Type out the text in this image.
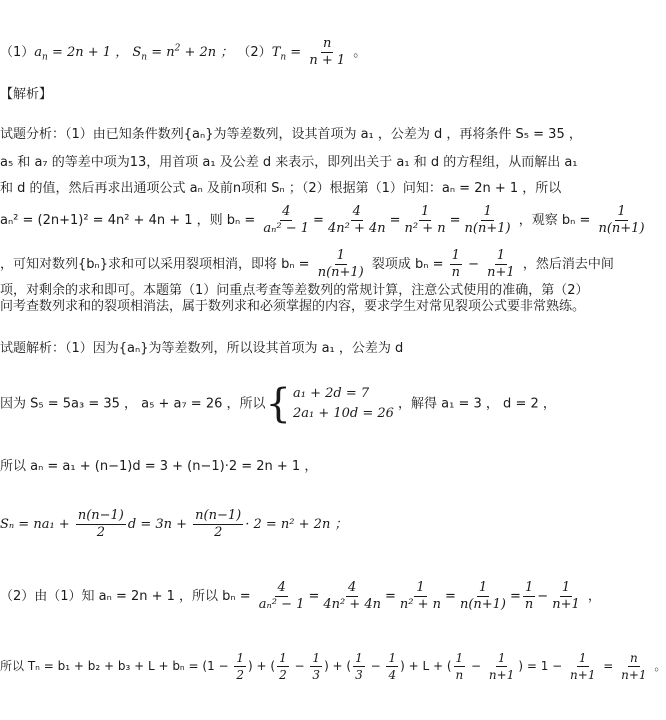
$(1)a_n = 2n + 1$ ， $S_n = n^2 + 2n$ ； $(2)T_n = \frac{n}{n + 1}$ 。
【解析】
试题分析：（1）由已知条件数列{aₙ}为等差数列，设其首项为 a₁ ，公差为 d ，再将条件 S₅ = 35 ，
a₅ 和 a₇ 的等差中项为13，用首项 a₁ 及公差 d 来表示，即列出关于 a₁ 和 d 的方程组，从而解出 a₁
和 d 的值，然后再求出通项公式 aₙ 及前n项和 Sₙ ；（2）根据第（1）问知：aₙ = 2n + 1 ，所以
aₙ² = (2n+1)² = 4n² + 4n + 1 ，则 $b_n = \frac{4}{\text{aₙ² − 1}} = \frac{4}{\text{4n² + 4n}} = \frac{1}{\text{n² + n}} = \frac{1}{n(n+1)}$ ，观察 $b_n = \frac{1}{n(n+1)}$
，可知对数列{bₙ}求和可以采用裂项相消，即将 $b_n = \frac{1}{n(n+1)}$ 裂项成 $b_n = \frac{1}{n} - \frac{1}{n+1}$ ，然后消去中间
项，对剩余的求和即可。本题第（1）问重点考查等差数列的常规计算，注意公式使用的准确，第（2）
问考查数列求和的裂项相消法，属于数列求和必须掌握的内容，要求学生对常见裂项公式要非常熟练。
试题解析：（1）因为{aₙ}为等差数列，所以设其首项为 a₁ ，公差为 d
因为 S₅ = 5a₃ = 35 ， a₅ + a₇ = 26 ，所以{ a₁ + 2d = 7
2a₁ + 10d = 26
，解得 a₁ = 3 ， d = 2 ，
所以 aₙ = a₁ + (n−1)d = 3 + (n−1)·2 = 2n + 1 ，
$S_n = na_1 + \frac{n(n-1)}{2}$ $d = 3n + \frac{n(n-1)}{2} \cdot 2 = n^2 + 2n$ ；
（2）由（1）知 aₙ = 2n + 1 ，所以 $b_n = \frac{4}{\text{aₙ² − 1}} = \frac{4}{\text{4n² + 4n}} = \frac{1}{\text{n² + n}} = \frac{1}{n(n+1)} = \frac{1}{n} - \frac{1}{n+1}$ ，
所以 $T_n = b_1 + b_2 + b_3 + L + b_n = (1 - \frac{1}{2}$ ) + ( $\frac{1}{2} - \frac{1}{3}$ ) + ( $\frac{1}{3} - \frac{1}{4}$ ) + L + ( $\frac{1}{n} - \frac{1}{n+1}$ ) = $1 - \frac{1}{n+1} = \frac{n}{n+1}$ 。
